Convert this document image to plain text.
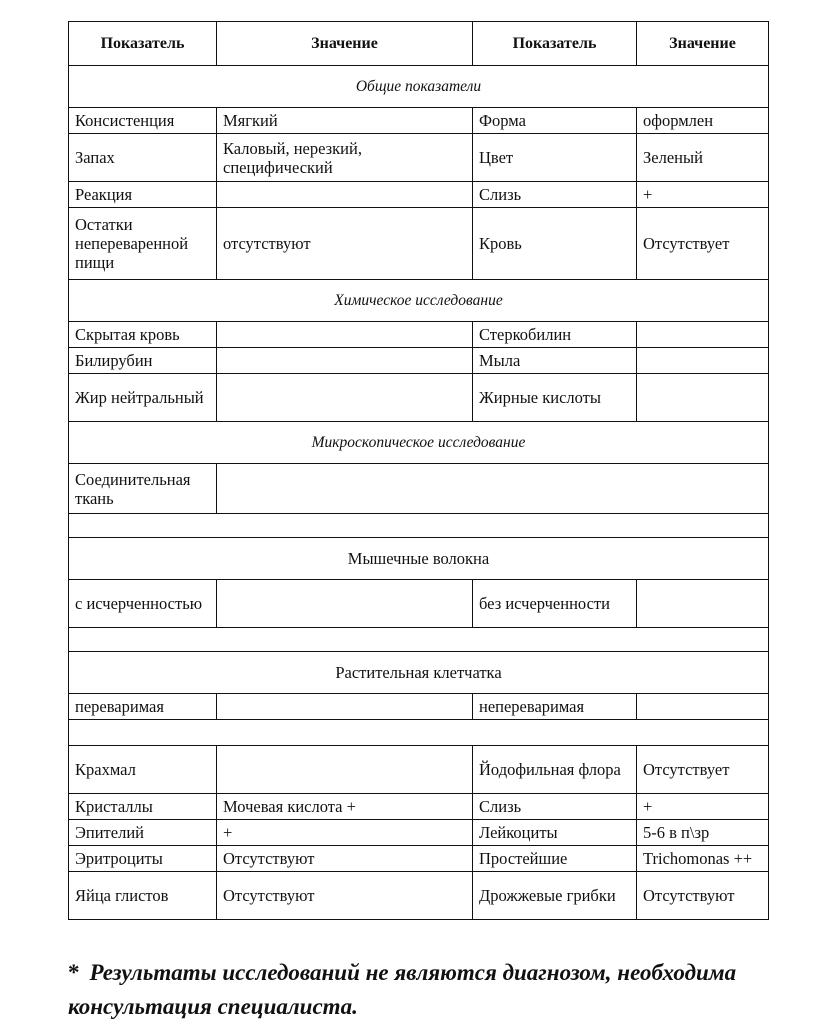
Показатель	Значение	Показатель	Значение
Общие показатели			
Консистенция	Мягкий	Форма	оформлен
Запах	Каловый, нерезкий, специфический	Цвет	Зеленый
Реакция		Слизь	+
Остатки непереваренной пищи	отсутствуют	Кровь	Отсутствует
Химическое исследование			
Скрытая кровь		Стеркобилин	
Билирубин		Мыла	
Жир нейтральный		Жирные кислоты	
Микроскопическое исследование			
Соединительная ткань			

Мышечные волокна			
с исчерченностью		без исчерченности	

Растительная клетчатка			
переваримая		непереваримая	

Крахмал		Йодофильная флора	Отсутствует
Кристаллы	Мочевая кислота +	Слизь	+
Эпителий	+	Лейкоциты	5-6 в п\зр
Эритроциты	Отсутствуют	Простейшие	Trichomonas ++
Яйца глистов	Отсутствуют	Дрожжевые грибки	Отсутствуют
* Результаты исследований не являются диагнозом, необходима консультация специалиста.
